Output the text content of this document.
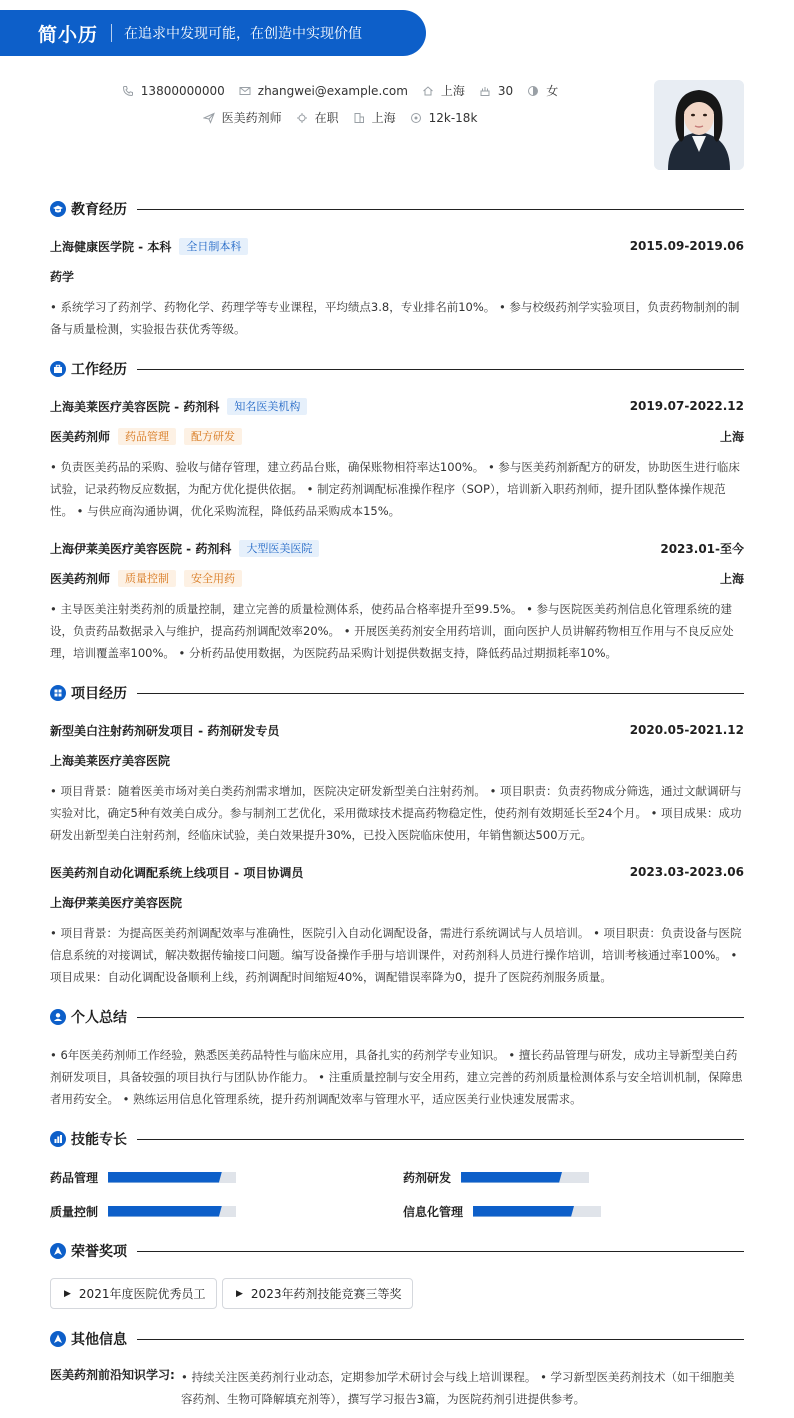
简小历 在追求中发现可能，在创造中实现价值
13800000000	zhangwei@example.com	上海	30	女
医美药剂师	在职	上海	12k-18k
教育经历
上海健康医学院 - 本科	全日制本科	2015.09-2019.06
药学
• 系统学习了药剂学、药物化学、药理学等专业课程，平均绩点3.8，专业排名前10%。 • 参与校级药剂学实验项目，负责药物制剂的制备与质量检测，实验报告获优秀等级。
工作经历
上海美莱医疗美容医院 - 药剂科	知名医美机构	2019.07-2022.12
医美药剂师	药品管理	配方研发	上海
• 负责医美药品的采购、验收与储存管理，建立药品台账，确保账物相符率达100%。 • 参与医美药剂新配方的研发，协助医生进行临床试验，记录药物反应数据，为配方优化提供依据。 • 制定药剂调配标准操作程序（SOP），培训新入职药剂师，提升团队整体操作规范性。 • 与供应商沟通协调，优化采购流程，降低药品采购成本15%。
上海伊莱美医疗美容医院 - 药剂科	大型医美医院	2023.01-至今
医美药剂师	质量控制	安全用药	上海
• 主导医美注射类药剂的质量控制，建立完善的质量检测体系，使药品合格率提升至99.5%。 • 参与医院医美药剂信息化管理系统的建设，负责药品数据录入与维护，提高药剂调配效率20%。 • 开展医美药剂安全用药培训，面向医护人员讲解药物相互作用与不良反应处理，培训覆盖率100%。 • 分析药品使用数据，为医院药品采购计划提供数据支持，降低药品过期损耗率10%。
项目经历
新型美白注射药剂研发项目 - 药剂研发专员	2020.05-2021.12
上海美莱医疗美容医院
• 项目背景：随着医美市场对美白类药剂需求增加，医院决定研发新型美白注射药剂。 • 项目职责：负责药物成分筛选，通过文献调研与实验对比，确定5种有效美白成分。参与制剂工艺优化，采用微球技术提高药物稳定性，使药剂有效期延长至24个月。 • 项目成果：成功研发出新型美白注射药剂，经临床试验，美白效果提升30%，已投入医院临床使用，年销售额达500万元。
医美药剂自动化调配系统上线项目 - 项目协调员	2023.03-2023.06
上海伊莱美医疗美容医院
• 项目背景：为提高医美药剂调配效率与准确性，医院引入自动化调配设备，需进行系统调试与人员培训。 • 项目职责：负责设备与医院信息系统的对接调试，解决数据传输接口问题。编写设备操作手册与培训课件，对药剂科人员进行操作培训，培训考核通过率100%。 • 项目成果：自动化调配设备顺利上线，药剂调配时间缩短40%，调配错误率降为0，提升了医院药剂服务质量。
个人总结
• 6年医美药剂师工作经验，熟悉医美药品特性与临床应用，具备扎实的药剂学专业知识。 • 擅长药品管理与研发，成功主导新型美白药剂研发项目，具备较强的项目执行与团队协作能力。 • 注重质量控制与安全用药，建立完善的药剂质量检测体系与安全培训机制，保障患者用药安全。 • 熟练运用信息化管理系统，提升药剂调配效率与管理水平，适应医美行业快速发展需求。
技能专长
药品管理	药剂研发
质量控制	信息化管理
荣誉奖项
▶ 2021年度医院优秀员工	▶ 2023年药剂技能竞赛三等奖
其他信息
医美药剂前沿知识学习: • 持续关注医美药剂行业动态，定期参加学术研讨会与线上培训课程。 • 学习新型医美药剂技术（如干细胞美容药剂、生物可降解填充剂等），撰写学习报告3篇，为医院药剂引进提供参考。
